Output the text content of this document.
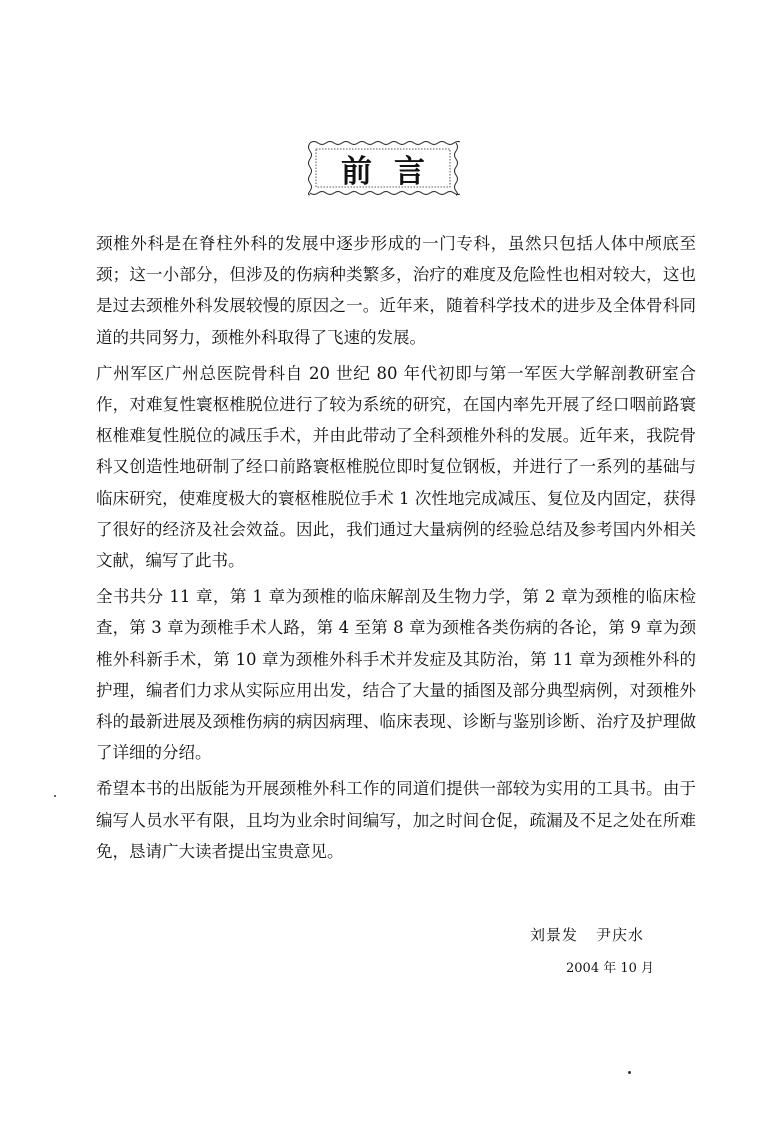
前言

颈椎外科是在脊柱外科的发展中逐步形成的一门专科，虽然只包括人体中颅底至颈；这一小部分，但涉及的伤病种类繁多，治疗的难度及危险性也相对较大，这也是过去颈椎外科发展较慢的原因之一。近年来，随着科学技术的进步及全体骨科同道的共同努力，颈椎外科取得了飞速的发展。

广州军区广州总医院骨科自 20 世纪 80 年代初即与第一军医大学解剖教研室合作，对难复性寰枢椎脱位进行了较为系统的研究，在国内率先开展了经口咽前路寰枢椎难复性脱位的减压手术，并由此带动了全科颈椎外科的发展。近年来，我院骨科又创造性地研制了经口前路寰枢椎脱位即时复位钢板，并进行了一系列的基础与临床研究，使难度极大的寰枢椎脱位手术 1 次性地完成减压、复位及内固定，获得了很好的经济及社会效益。因此，我们通过大量病例的经验总结及参考国内外相关文献，编写了此书。

全书共分 11 章，第 1 章为颈椎的临床解剖及生物力学，第 2 章为颈椎的临床检查，第 3 章为颈椎手术人路，第 4 至第 8 章为颈椎各类伤病的各论，第 9 章为颈椎外科新手术，第 10 章为颈椎外科手术并发症及其防治，第 11 章为颈椎外科的护理，编者们力求从实际应用出发，结合了大量的插图及部分典型病例，对颈椎外科的最新进展及颈椎伤病的病因病理、临床表现、诊断与鉴别诊断、治疗及护理做了详细的分绍。

希望本书的出版能为开展颈椎外科工作的同道们提供一部较为实用的工具书。由于编写人员水平有限，且均为业余时间编写，加之时间仓促，疏漏及不足之处在所难免，恳请广大读者提出宝贵意见。

刘景发 尹庆水
2004 年 10 月
